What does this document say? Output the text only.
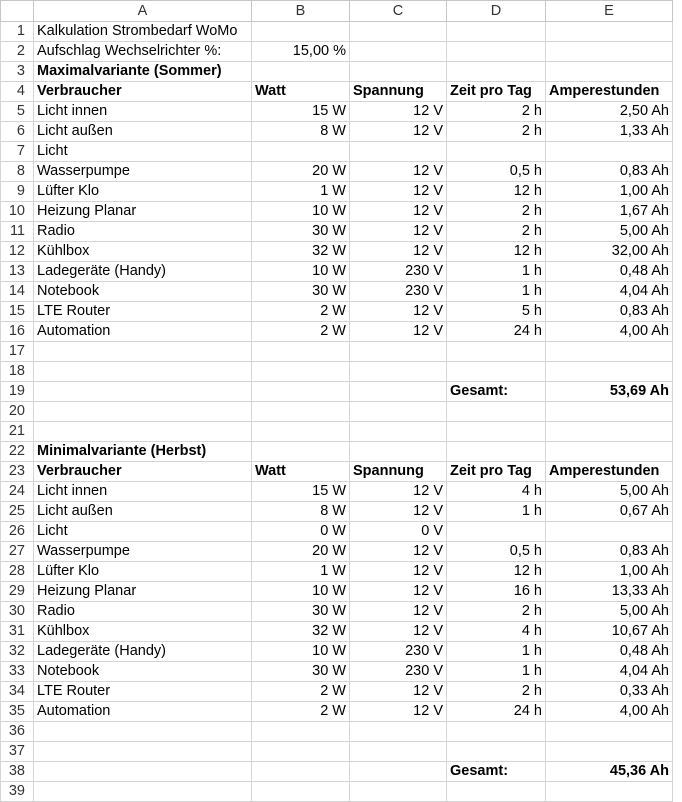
	A	B	C	D	E
1	Kalkulation Strombedarf WoMo				
2	Aufschlag Wechselrichter %:	15,00 %			
3	Maximalvariante (Sommer)				
4	Verbraucher	Watt	Spannung	Zeit pro Tag	Amperestunden
5	Licht innen	15 W	12 V	2 h	2,50 Ah
6	Licht außen	8 W	12 V	2 h	1,33 Ah
7	Licht				
8	Wasserpumpe	20 W	12 V	0,5 h	0,83 Ah
9	Lüfter Klo	1 W	12 V	12 h	1,00 Ah
10	Heizung Planar	10 W	12 V	2 h	1,67 Ah
11	Radio	30 W	12 V	2 h	5,00 Ah
12	Kühlbox	32 W	12 V	12 h	32,00 Ah
13	Ladegeräte (Handy)	10 W	230 V	1 h	0,48 Ah
14	Notebook	30 W	230 V	1 h	4,04 Ah
15	LTE Router	2 W	12 V	5 h	0,83 Ah
16	Automation	2 W	12 V	24 h	4,00 Ah
17					
18					
19				Gesamt:	53,69 Ah
20					
21					
22	Minimalvariante (Herbst)				
23	Verbraucher	Watt	Spannung	Zeit pro Tag	Amperestunden
24	Licht innen	15 W	12 V	4 h	5,00 Ah
25	Licht außen	8 W	12 V	1 h	0,67 Ah
26	Licht	0 W	0 V		
27	Wasserpumpe	20 W	12 V	0,5 h	0,83 Ah
28	Lüfter Klo	1 W	12 V	12 h	1,00 Ah
29	Heizung Planar	10 W	12 V	16 h	13,33 Ah
30	Radio	30 W	12 V	2 h	5,00 Ah
31	Kühlbox	32 W	12 V	4 h	10,67 Ah
32	Ladegeräte (Handy)	10 W	230 V	1 h	0,48 Ah
33	Notebook	30 W	230 V	1 h	4,04 Ah
34	LTE Router	2 W	12 V	2 h	0,33 Ah
35	Automation	2 W	12 V	24 h	4,00 Ah
36					
37					
38				Gesamt:	45,36 Ah
39					
